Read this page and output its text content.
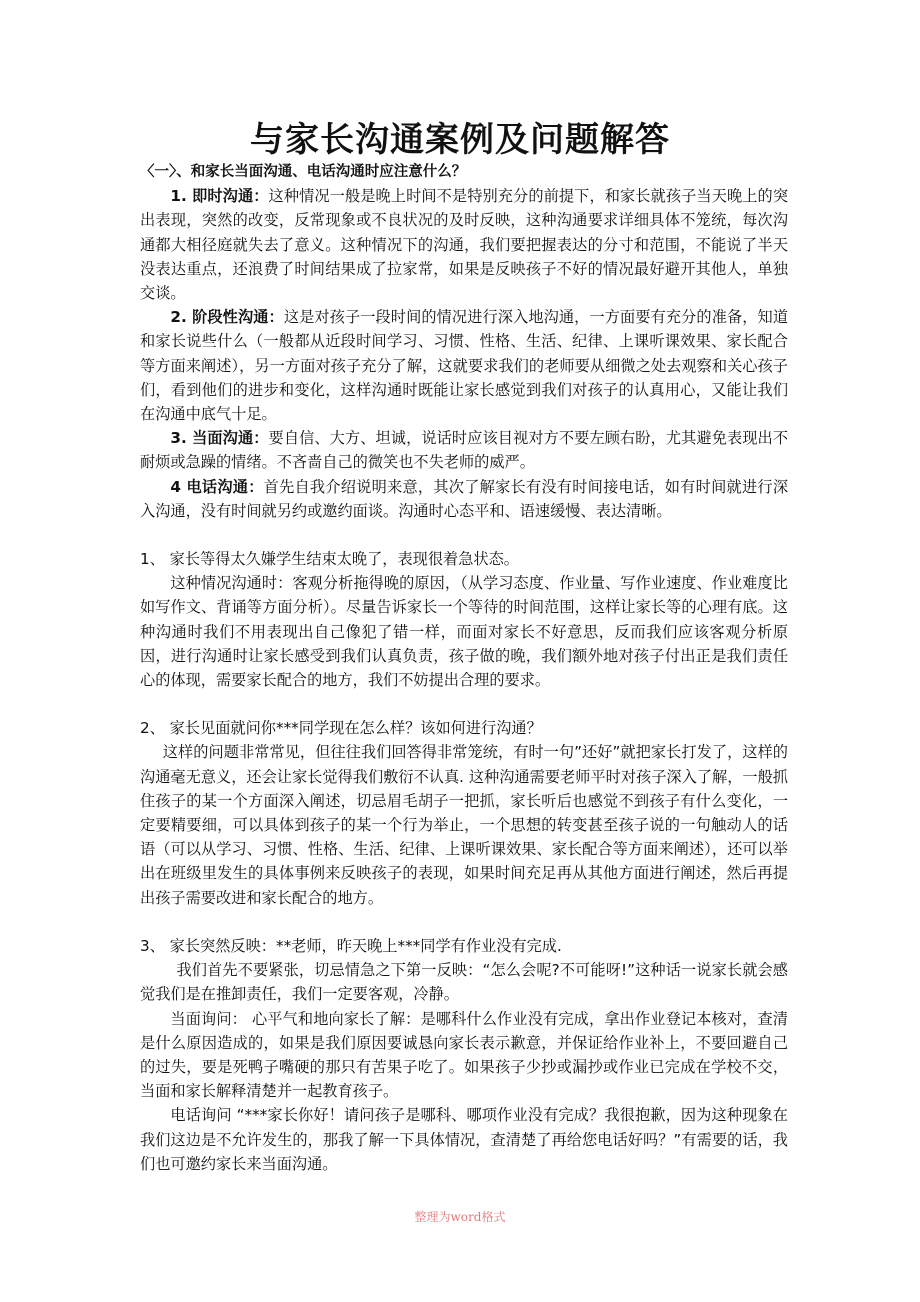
与家长沟通案例及问题解答

〈一〉、和家长当面沟通、电话沟通时应注意什么？

1. 即时沟通：这种情况一般是晚上时间不是特别充分的前提下，和家长就孩子当天晚上的突出表现，突然的改变，反常现象或不良状况的及时反映，这种沟通要求详细具体不笼统，每次沟通都大相径庭就失去了意义。这种情况下的沟通，我们要把握表达的分寸和范围，不能说了半天没表达重点，还浪费了时间结果成了拉家常，如果是反映孩子不好的情况最好避开其他人，单独交谈。

2. 阶段性沟通：这是对孩子一段时间的情况进行深入地沟通，一方面要有充分的准备，知道和家长说些什么（一般都从近段时间学习、习惯、性格、生活、纪律、上课听课效果、家长配合等方面来阐述），另一方面对孩子充分了解，这就要求我们的老师要从细微之处去观察和关心孩子们，看到他们的进步和变化，这样沟通时既能让家长感觉到我们对孩子的认真用心，又能让我们在沟通中底气十足。

3. 当面沟通：要自信、大方、坦诚，说话时应该目视对方不要左顾右盼，尤其避免表现出不耐烦或急躁的情绪。不吝啬自己的微笑也不失老师的威严。

4 电话沟通：首先自我介绍说明来意，其次了解家长有没有时间接电话，如有时间就进行深入沟通，没有时间就另约或邀约面谈。沟通时心态平和、语速缓慢、表达清晰。

1、 家长等得太久嫌学生结束太晚了，表现很着急状态。

这种情况沟通时：客观分析拖得晚的原因，（从学习态度、作业量、写作业速度、作业难度比如写作文、背诵等方面分析）。尽量告诉家长一个等待的时间范围，这样让家长等的心理有底。这种沟通时我们不用表现出自己像犯了错一样，而面对家长不好意思，反而我们应该客观分析原因，进行沟通时让家长感受到我们认真负责，孩子做的晚，我们额外地对孩子付出正是我们责任心的体现，需要家长配合的地方，我们不妨提出合理的要求。

2、 家长见面就问你***同学现在怎么样？该如何进行沟通？

这样的问题非常常见，但往往我们回答得非常笼统，有时一句”还好”就把家长打发了，这样的沟通毫无意义，还会让家长觉得我们敷衍不认真. 这种沟通需要老师平时对孩子深入了解，一般抓住孩子的某一个方面深入阐述，切忌眉毛胡子一把抓，家长听后也感觉不到孩子有什么变化，一定要精要细，可以具体到孩子的某一个行为举止，一个思想的转变甚至孩子说的一句触动人的话语（可以从学习、习惯、性格、生活、纪律、上课听课效果、家长配合等方面来阐述），还可以举出在班级里发生的具体事例来反映孩子的表现，如果时间充足再从其他方面进行阐述，然后再提出孩子需要改进和家长配合的地方。

3、 家长突然反映：**老师，昨天晚上***同学有作业没有完成.

我们首先不要紧张，切忌情急之下第一反映：“怎么会呢?不可能呀!”这种话一说家长就会感觉我们是在推卸责任，我们一定要客观，冷静。

当面询问： 心平气和地向家长了解：是哪科什么作业没有完成，拿出作业登记本核对，查清是什么原因造成的，如果是我们原因要诚恳向家长表示歉意，并保证给作业补上，不要回避自己的过失，要是死鸭子嘴硬的那只有苦果子吃了。如果孩子少抄或漏抄或作业已完成在学校不交，当面和家长解释清楚并一起教育孩子。

电话询问 “***家长你好！请问孩子是哪科、哪项作业没有完成？我很抱歉，因为这种现象在我们这边是不允许发生的，那我了解一下具体情况，查清楚了再给您电话好吗？”有需要的话，我们也可邀约家长来当面沟通。

整理为word格式
